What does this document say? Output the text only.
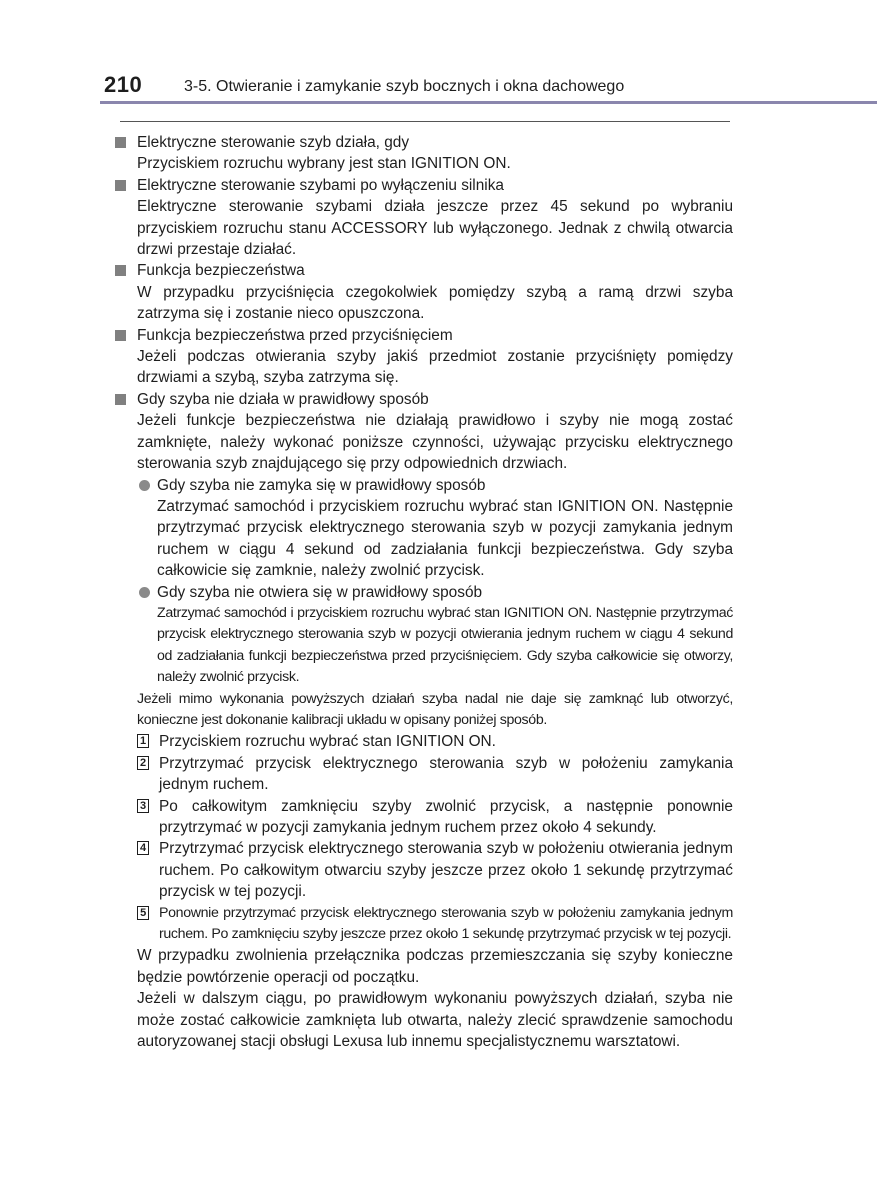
210	3-5. Otwieranie i zamykanie szyb bocznych i okna dachowego
Elektryczne sterowanie szyb działa, gdy
Przyciskiem rozruchu wybrany jest stan IGNITION ON.
Elektryczne sterowanie szybami po wyłączeniu silnika
Elektryczne sterowanie szybami działa jeszcze przez 45 sekund po wybraniu przyciskiem rozruchu stanu ACCESSORY lub wyłączonego. Jednak z chwilą otwarcia drzwi przestaje działać.
Funkcja bezpieczeństwa
W przypadku przyciśnięcia czegokolwiek pomiędzy szybą a ramą drzwi szyba zatrzyma się i zostanie nieco opuszczona.
Funkcja bezpieczeństwa przed przyciśnięciem
Jeżeli podczas otwierania szyby jakiś przedmiot zostanie przyciśnięty pomiędzy drzwiami a szybą, szyba zatrzyma się.
Gdy szyba nie działa w prawidłowy sposób
Jeżeli funkcje bezpieczeństwa nie działają prawidłowo i szyby nie mogą zostać zamknięte, należy wykonać poniższe czynności, używając przycisku elektrycznego sterowania szyb znajdującego się przy odpowiednich drzwiach.
Gdy szyba nie zamyka się w prawidłowy sposób
Zatrzymać samochód i przyciskiem rozruchu wybrać stan IGNITION ON. Następnie przytrzymać przycisk elektrycznego sterowania szyb w pozycji zamykania jednym ruchem w ciągu 4 sekund od zadziałania funkcji bezpieczeństwa. Gdy szyba całkowicie się zamknie, należy zwolnić przycisk.
Gdy szyba nie otwiera się w prawidłowy sposób
Zatrzymać samochód i przyciskiem rozruchu wybrać stan IGNITION ON. Następnie przytrzymać przycisk elektrycznego sterowania szyb w pozycji otwierania jednym ruchem w ciągu 4 sekund od zadziałania funkcji bezpieczeństwa przed przyciśnięciem. Gdy szyba całkowicie się otworzy, należy zwolnić przycisk.
Jeżeli mimo wykonania powyższych działań szyba nadal nie daje się zamknąć lub otworzyć, konieczne jest dokonanie kalibracji układu w opisany poniżej sposób.
1 Przyciskiem rozruchu wybrać stan IGNITION ON.
2 Przytrzymać przycisk elektrycznego sterowania szyb w położeniu zamykania jednym ruchem.
3 Po całkowitym zamknięciu szyby zwolnić przycisk, a następnie ponownie przytrzymać w pozycji zamykania jednym ruchem przez około 4 sekundy.
4 Przytrzymać przycisk elektrycznego sterowania szyb w położeniu otwierania jednym ruchem. Po całkowitym otwarciu szyby jeszcze przez około 1 sekundę przytrzymać przycisk w tej pozycji.
5 Ponownie przytrzymać przycisk elektrycznego sterowania szyb w położeniu zamykania jednym ruchem. Po zamknięciu szyby jeszcze przez około 1 sekundę przytrzymać przycisk w tej pozycji.
W przypadku zwolnienia przełącznika podczas przemieszczania się szyby konieczne będzie powtórzenie operacji od początku.
Jeżeli w dalszym ciągu, po prawidłowym wykonaniu powyższych działań, szyba nie może zostać całkowicie zamknięta lub otwarta, należy zlecić sprawdzenie samochodu autoryzowanej stacji obsługi Lexusa lub innemu specjalistycznemu warsztatowi.
